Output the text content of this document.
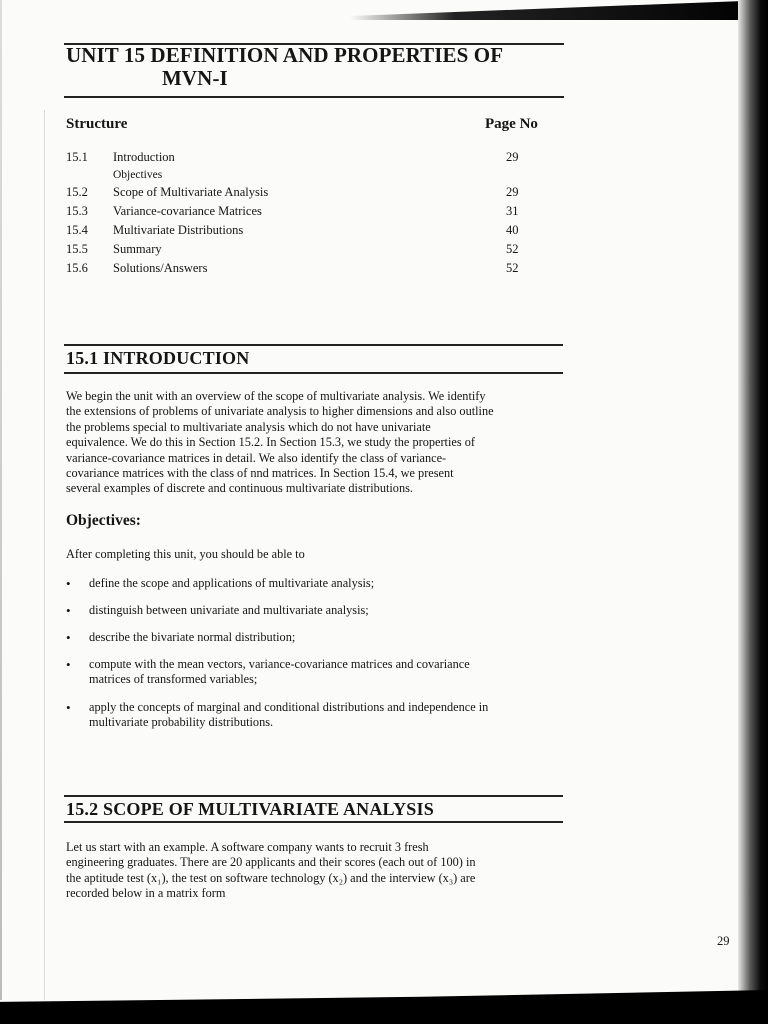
UNIT 15 DEFINITION AND PROPERTIES OF
MVN-I
Structure	Page No
15.1 Introduction	29
Objectives
15.2 Scope of Multivariate Analysis	29
15.3 Variance-covariance Matrices	31
15.4 Multivariate Distributions	40
15.5 Summary	52
15.6 Solutions/Answers	52
15.1 INTRODUCTION
We begin the unit with an overview of the scope of multivariate analysis. We identify
the extensions of problems of univariate analysis to higher dimensions and also outline
the problems special to multivariate analysis which do not have univariate
equivalence. We do this in Section 15.2. In Section 15.3, we study the properties of
variance-covariance matrices in detail. We also identify the class of variance-
covariance matrices with the class of nnd matrices. In Section 15.4, we present
several examples of discrete and continuous multivariate distributions.
Objectives:
After completing this unit, you should be able to
• define the scope and applications of multivariate analysis;
• distinguish between univariate and multivariate analysis;
• describe the bivariate normal distribution;
• compute with the mean vectors, variance-covariance matrices and covariance
matrices of transformed variables;
• apply the concepts of marginal and conditional distributions and independence in
multivariate probability distributions.
15.2 SCOPE OF MULTIVARIATE ANALYSIS
Let us start with an example. A software company wants to recruit 3 fresh
engineering graduates. There are 20 applicants and their scores (each out of 100) in
the aptitude test (x₁), the test on software technology (x₂) and the interview (x₃) are
recorded below in a matrix form
29
